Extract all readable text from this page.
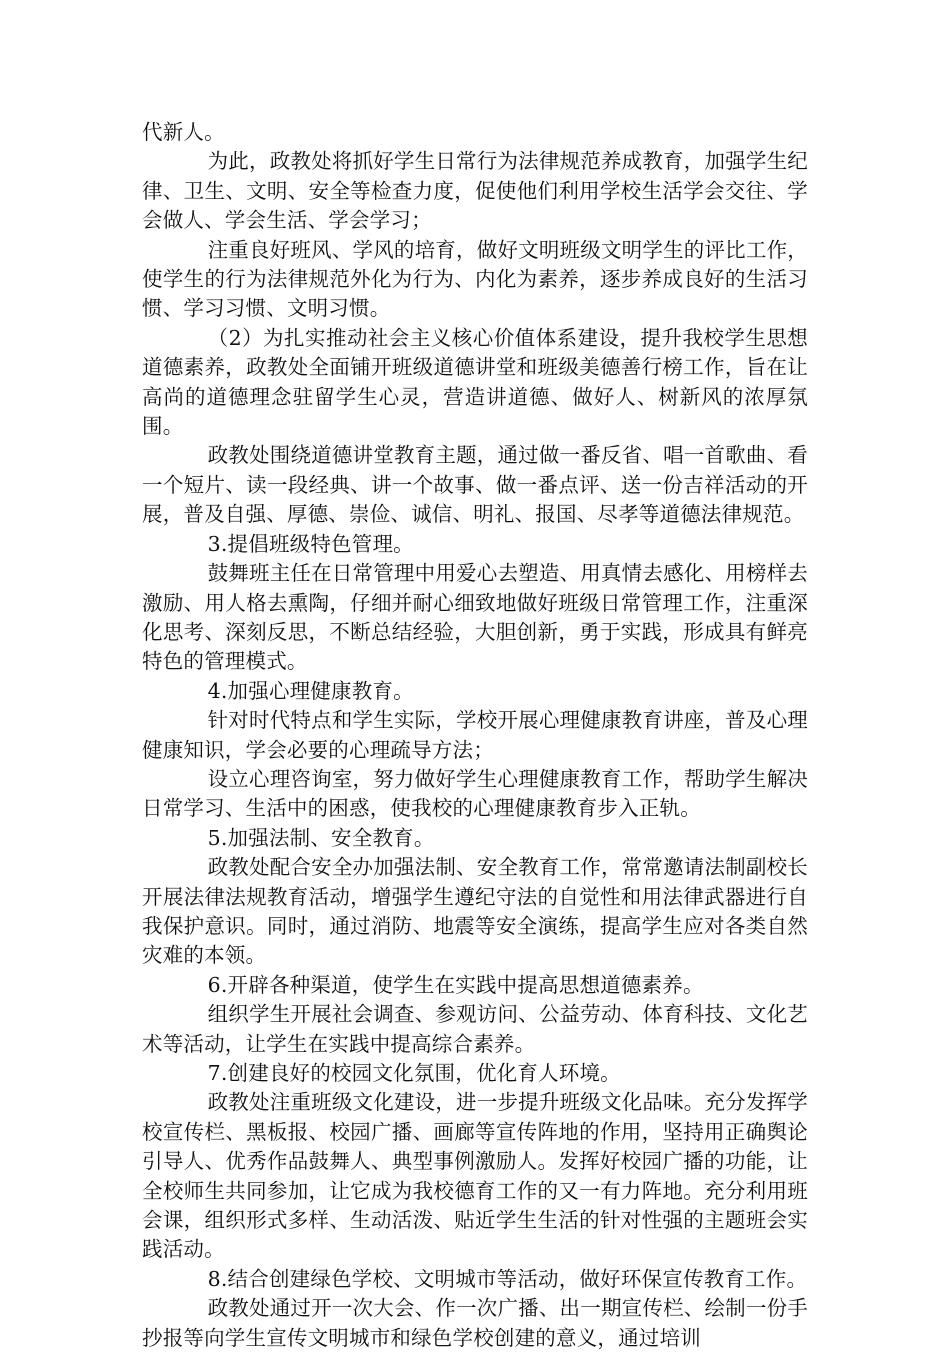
代新人。

为此，政教处将抓好学生日常行为法律规范养成教育，加强学生纪律、卫生、文明、安全等检查力度，促使他们利用学校生活学会交往、学会做人、学会生活、学会学习；

注重良好班风、学风的培育，做好文明班级文明学生的评比工作，使学生的行为法律规范外化为行为、内化为素养，逐步养成良好的生活习惯、学习习惯、文明习惯。

（2）为扎实推动社会主义核心价值体系建设，提升我校学生思想道德素养，政教处全面铺开班级道德讲堂和班级美德善行榜工作，旨在让高尚的道德理念驻留学生心灵，营造讲道德、做好人、树新风的浓厚氛围。

政教处围绕道德讲堂教育主题，通过做一番反省、唱一首歌曲、看一个短片、读一段经典、讲一个故事、做一番点评、送一份吉祥活动的开展，普及自强、厚德、崇俭、诚信、明礼、报国、尽孝等道德法律规范。

3.提倡班级特色管理。

鼓舞班主任在日常管理中用爱心去塑造、用真情去感化、用榜样去激励、用人格去熏陶，仔细并耐心细致地做好班级日常管理工作，注重深化思考、深刻反思，不断总结经验，大胆创新，勇于实践，形成具有鲜亮特色的管理模式。

4.加强心理健康教育。

针对时代特点和学生实际，学校开展心理健康教育讲座，普及心理健康知识，学会必要的心理疏导方法；

设立心理咨询室，努力做好学生心理健康教育工作，帮助学生解决日常学习、生活中的困惑，使我校的心理健康教育步入正轨。

5.加强法制、安全教育。

政教处配合安全办加强法制、安全教育工作，常常邀请法制副校长开展法律法规教育活动，增强学生遵纪守法的自觉性和用法律武器进行自我保护意识。同时，通过消防、地震等安全演练，提高学生应对各类自然灾难的本领。

6.开辟各种渠道，使学生在实践中提高思想道德素养。

组织学生开展社会调查、参观访问、公益劳动、体育科技、文化艺术等活动，让学生在实践中提高综合素养。

7.创建良好的校园文化氛围，优化育人环境。

政教处注重班级文化建设，进一步提升班级文化品味。充分发挥学校宣传栏、黑板报、校园广播、画廊等宣传阵地的作用，坚持用正确舆论引导人、优秀作品鼓舞人、典型事例激励人。发挥好校园广播的功能，让全校师生共同参加，让它成为我校德育工作的又一有力阵地。充分利用班会课，组织形式多样、生动活泼、贴近学生生活的针对性强的主题班会实践活动。

8.结合创建绿色学校、文明城市等活动，做好环保宣传教育工作。

政教处通过开一次大会、作一次广播、出一期宣传栏、绘制一份手抄报等向学生宣传文明城市和绿色学校创建的意义，通过培训
